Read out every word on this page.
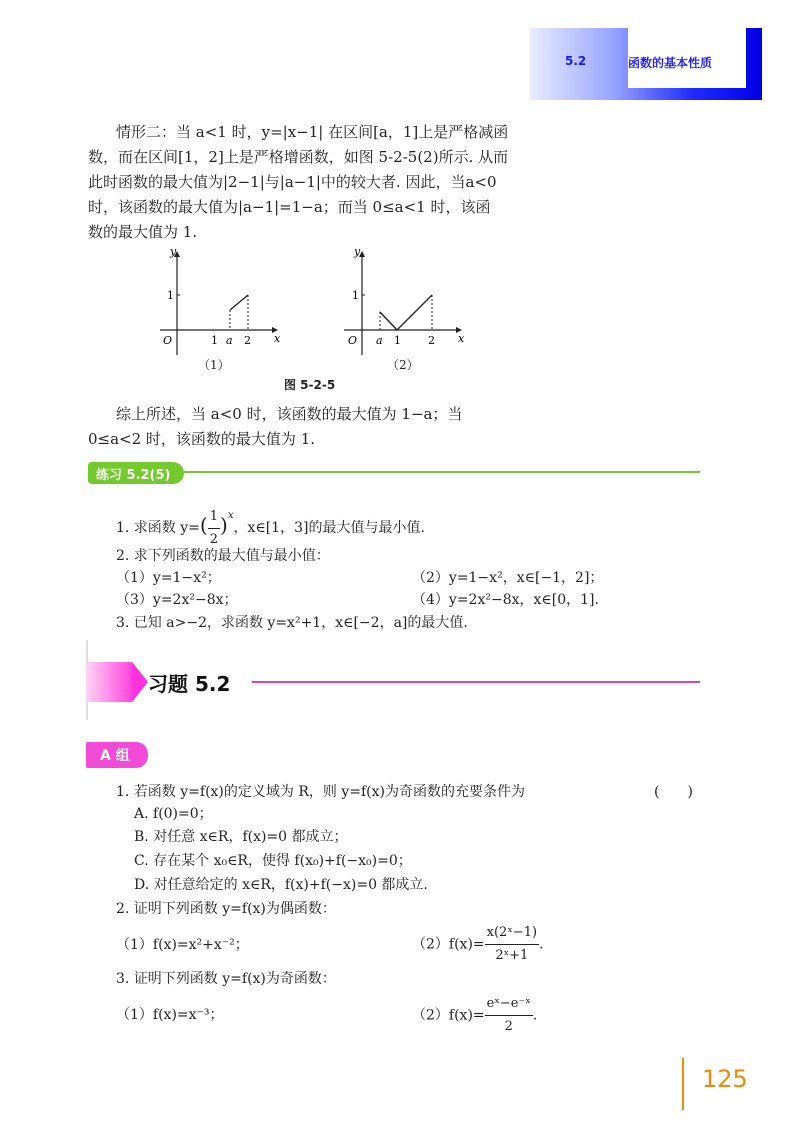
5.2	函数的基本性质
情形二：当 a<1 时，y=|x−1| 在区间[a，1]上是严格减函
数，而在区间[1，2]上是严格增函数，如图 5-2-5(2)所示. 从而
此时函数的最大值为|2−1|与|a−1|中的较大者. 因此，当a<0
时，该函数的最大值为|a−1|=1−a；而当 0≤a<1 时，该函
数的最大值为 1.
y
x
O
1
1 a 2
y
x
O
1
a 1 2
（1）	（2）
图 5-2-5
综上所述，当 a<0 时，该函数的最大值为 1−a；当
0≤a<2 时，该函数的最大值为 1.
练习 5.2(5)
1. 求函数 $y=( \frac{1}{2} )^x$，x∈[1，3]的最大值与最小值.
2. 求下列函数的最大值与最小值：
（1）y=1−x²；	（2）y=1−x²，x∈[−1，2]；
（3）y=2x²−8x；	（4）y=2x²−8x，x∈[0，1].
3. 已知 a>−2，求函数 y=x²+1，x∈[−2，a]的最大值.
习题 5.2
A 组
1. 若函数 y=f(x)的定义域为 R，则 y=f(x)为奇函数的充要条件为	(　　)
A. f(0)=0；
B. 对任意 x∈R，f(x)=0 都成立；
C. 存在某个 x₀∈R，使得 f(x₀)+f(−x₀)=0；
D. 对任意给定的 x∈R，f(x)+f(−x)=0 都成立.
2. 证明下列函数 y=f(x)为偶函数：
（1）f(x)=x²+x⁻²；	$(2)f(x)= \frac{\text{x(2ˣ−1)}}{\text{2ˣ+1}}$ .
3. 证明下列函数 y=f(x)为奇函数：
（1）f(x)=x⁻³；	$(2)f(x)= \frac{\text{eˣ−e⁻ˣ}}{2}$ .
125
